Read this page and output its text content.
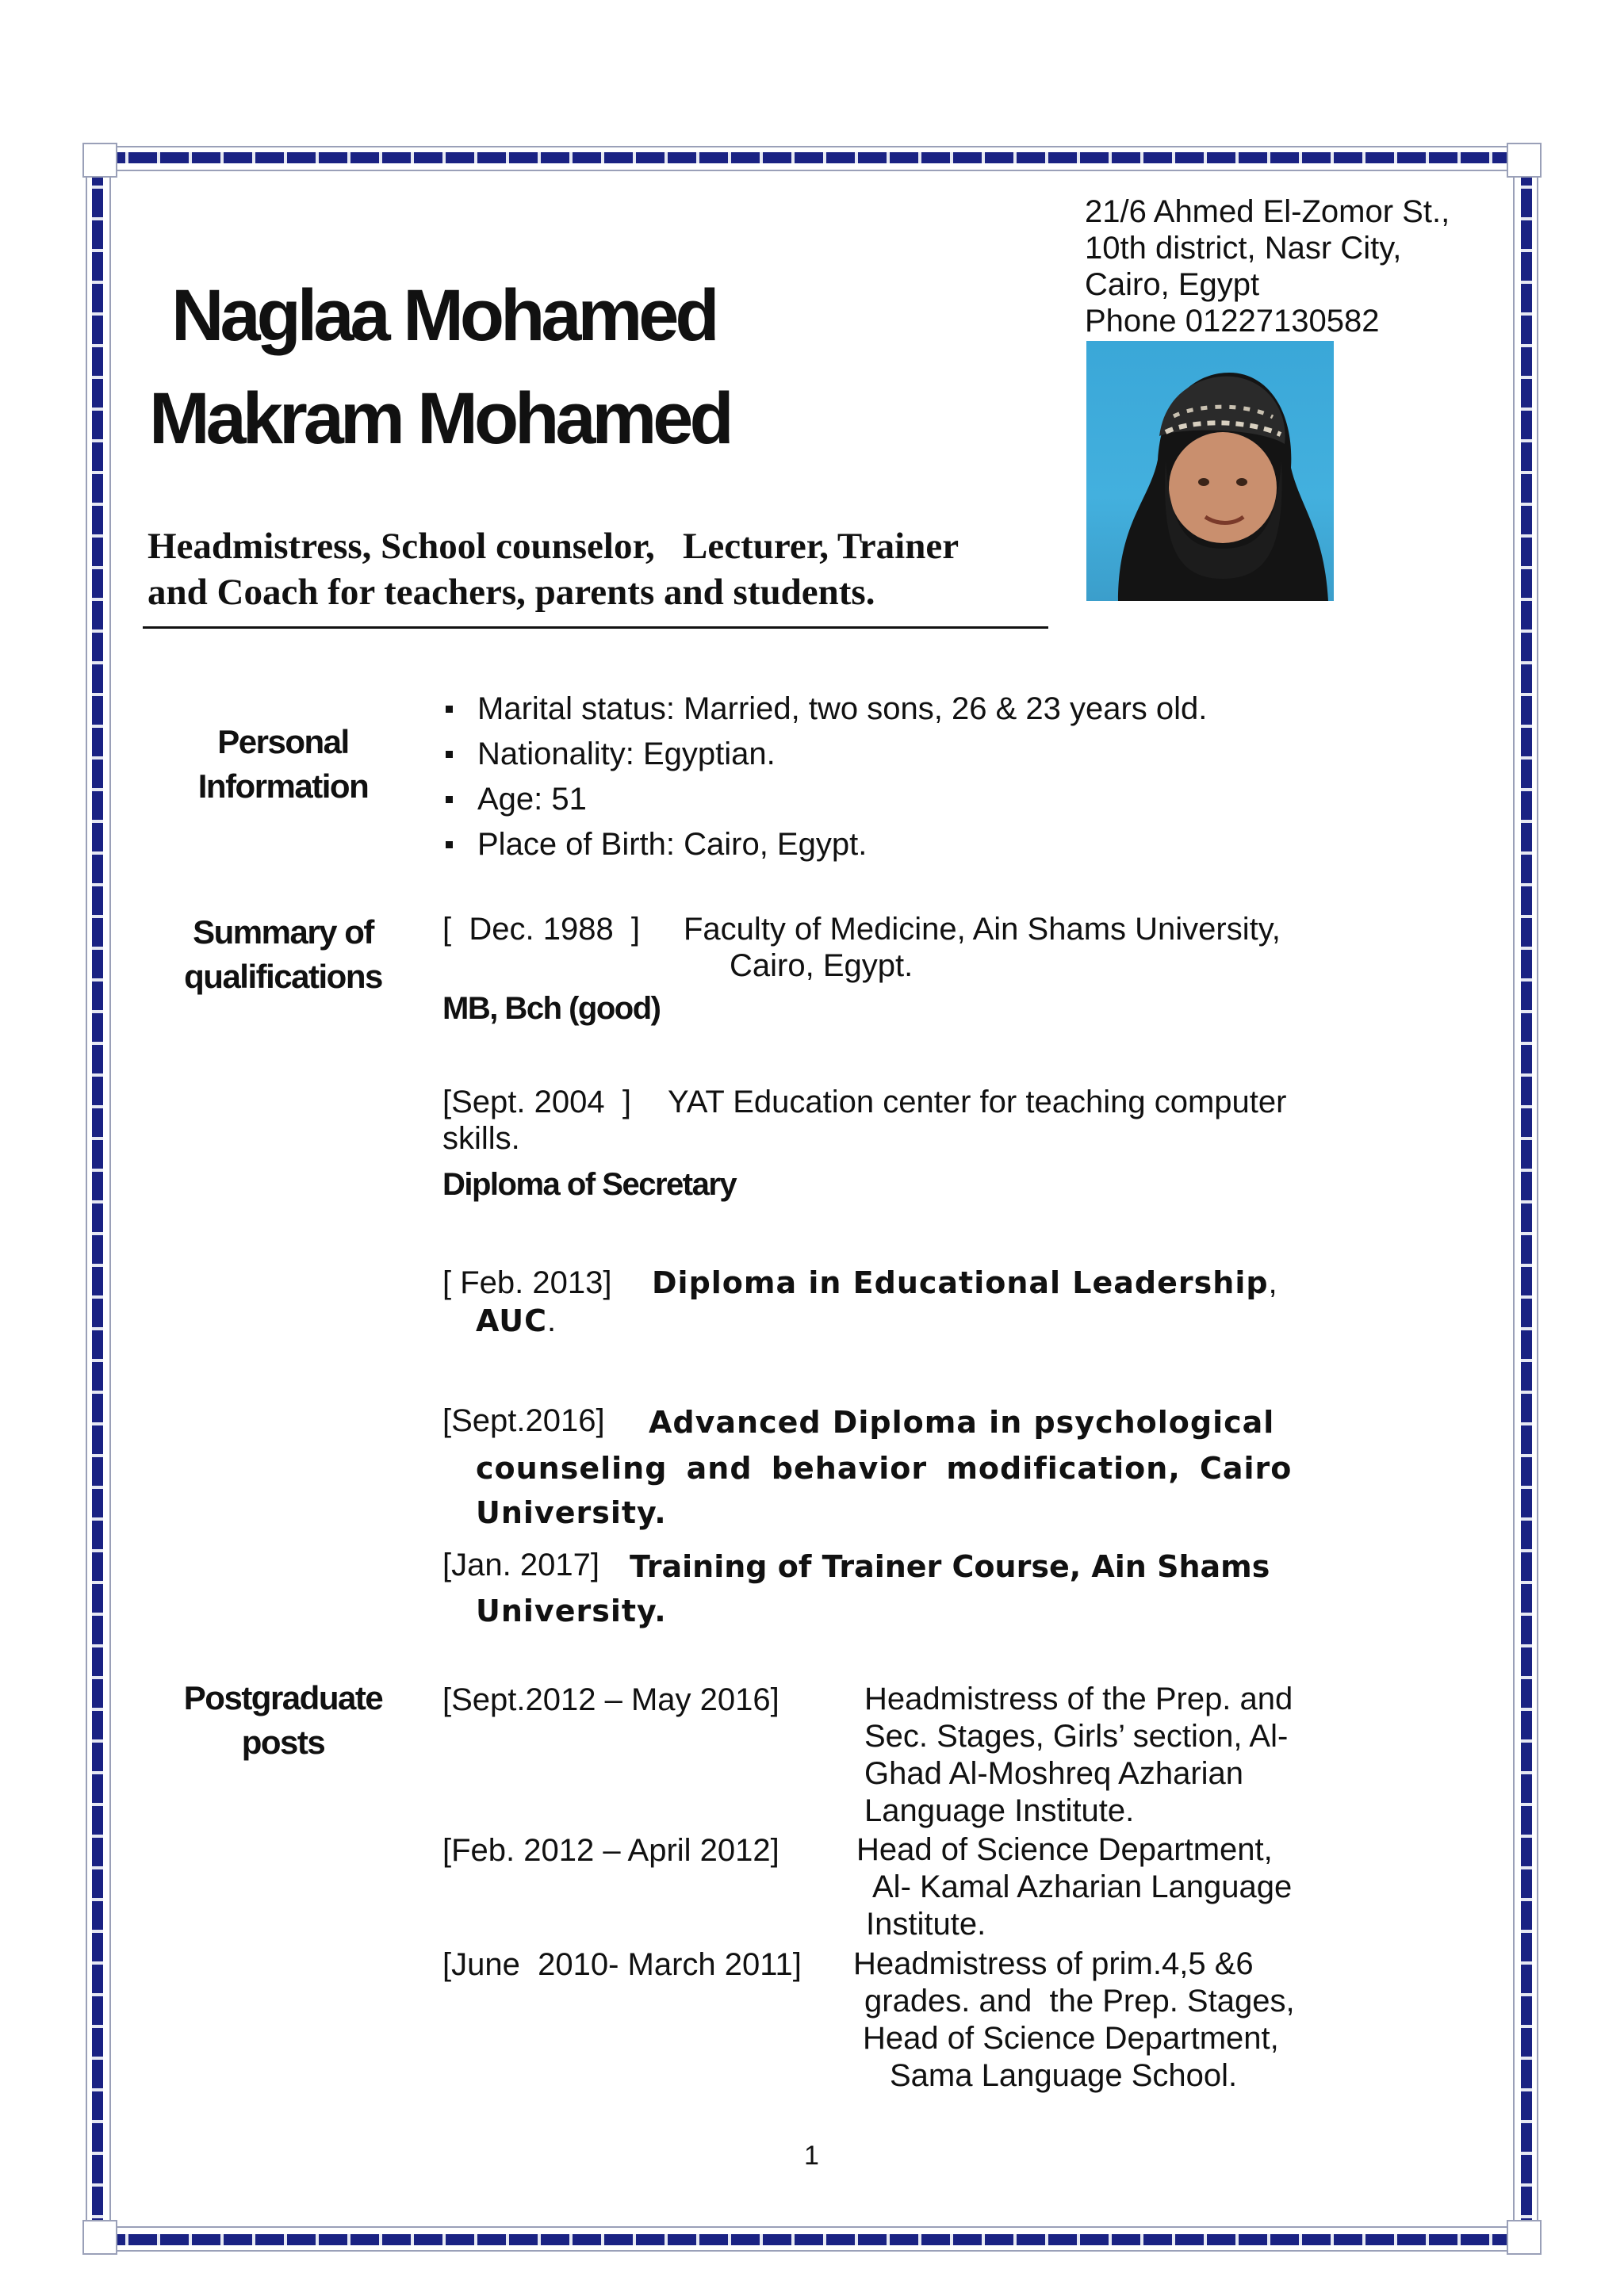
Naglaa Mohamed
Makram Mohamed
21/6 Ahmed El-Zomor St.,
10th district, Nasr City,
Cairo, Egypt
Phone 01227130582
Headmistress, School counselor,   Lecturer, Trainer
and Coach for teachers, parents and students.
Personal
Information
Marital status: Married, two sons, 26 & 23 years old.
Nationality: Egyptian.
Age: 51
Place of Birth: Cairo, Egypt.
Summary of
qualifications
[  Dec. 1988  ] Faculty of Medicine, Ain Shams University,
Cairo, Egypt.
MB, Bch (good)
[Sept. 2004  ] YAT Education center for teaching computer
skills.
Diploma of Secretary
[ Feb. 2013] Diploma in Educational Leadership,
AUC.
[Sept.2016] Advanced Diploma in psychological
counseling and behavior modification, Cairo
University.
[Jan. 2017] Training of Trainer Course, Ain Shams
University.
Postgraduate
posts
[Sept.2012 – May 2016]	Headmistress of the Prep. and
Sec. Stages, Girls’ section, Al-
Ghad Al-Moshreq Azharian
Language Institute.
[Feb. 2012 – April 2012] Head of Science Department,
Al- Kamal Azharian Language
Institute.
[June  2010- March 2011] Headmistress of prim.4,5 &6
grades. and  the Prep. Stages,
Head of Science Department,
Sama Language School.
1
